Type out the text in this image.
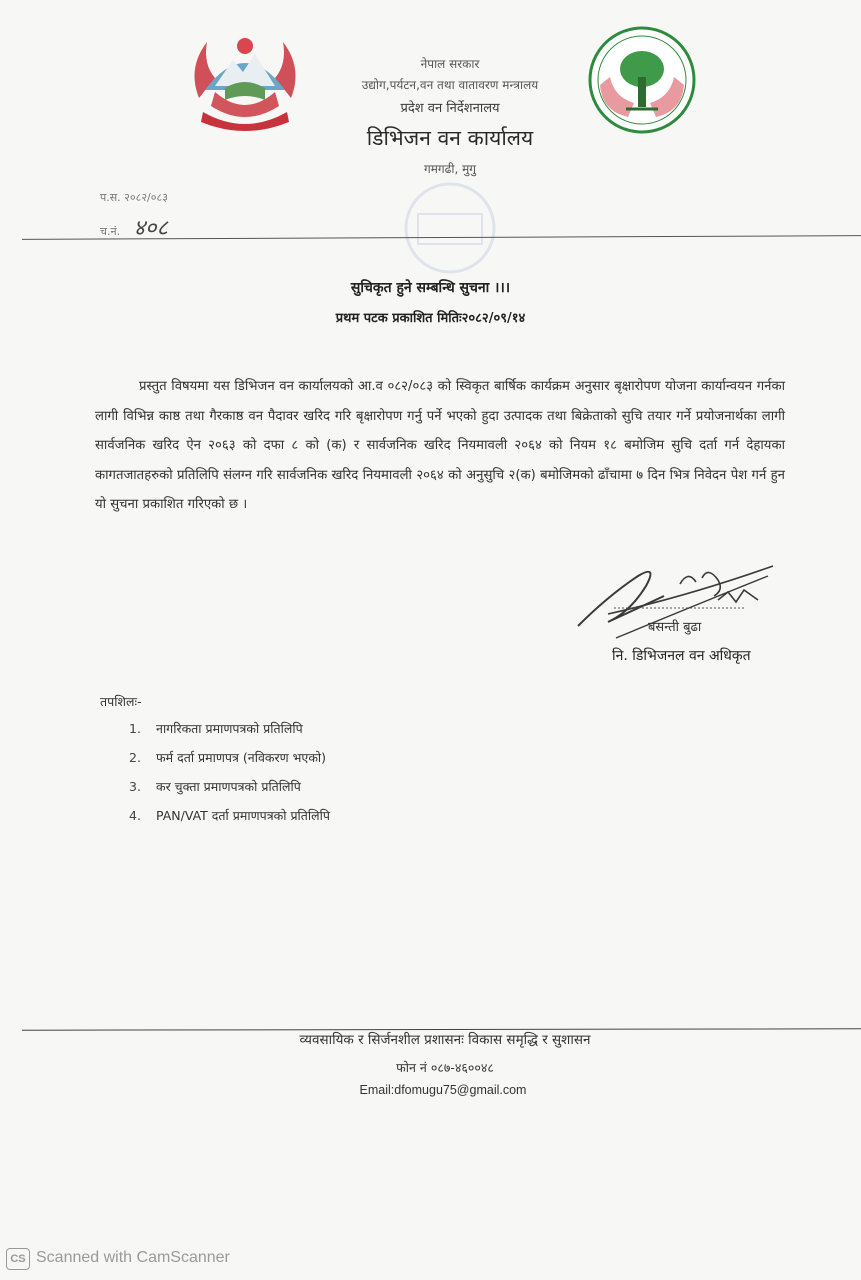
नेपाल सरकार
उद्योग,पर्यटन,वन तथा वातावरण मन्त्रालय
प्रदेश वन निर्देशनालय
डिभिजन वन कार्यालय
गमगढी, मुगु
प.स. २०८२/०८३
च.नं. ४०८
सुचिकृत हुने सम्बन्धि सुचना ।।।
प्रथम पटक प्रकाशित मितिः२०८२/०९/१४
प्रस्तुत विषयमा यस डिभिजन वन कार्यालयको आ.व ०८२/०८३ को स्विकृत बार्षिक कार्यक्रम अनुसार बृक्षारोपण योजना कार्यान्वयन गर्नका लागी विभिन्न काष्ठ तथा गैरकाष्ठ वन पैदावर खरिद गरि बृक्षारोपण गर्नु पर्ने भएको हुदा उत्पादक तथा बिक्रेताको सुचि तयार गर्ने प्रयोजनार्थका लागी सार्वजनिक खरिद ऐन २०६३ को दफा ८ को (क) र सार्वजनिक खरिद नियमावली २०६४ को नियम १८ बमोजिम सुचि दर्ता गर्न देहायका कागतजातहरुको प्रतिलिपि संलग्न गरि सार्वजनिक खरिद नियमावली २०६४ को अनुसुचि २(क) बमोजिमको ढाँचामा ७ दिन भित्र निवेदन पेश गर्न हुन यो सुचना प्रकाशित गरिएको छ ।
बसन्ती बुढा
नि. डिभिजनल वन अधिकृत
तपशिलः-
1. नागरिकता प्रमाणपत्रको प्रतिलिपि
2. फर्म दर्ता प्रमाणपत्र (नविकरण भएको)
3. कर चुक्ता प्रमाणपत्रको प्रतिलिपि
4. PAN/VAT दर्ता प्रमाणपत्रको प्रतिलिपि
व्यवसायिक र सिर्जनशील प्रशासनः विकास समृद्धि र सुशासन
फोन नं ०८७-४६००४८
Email:dfomugu75@gmail.com
CS Scanned with CamScanner
